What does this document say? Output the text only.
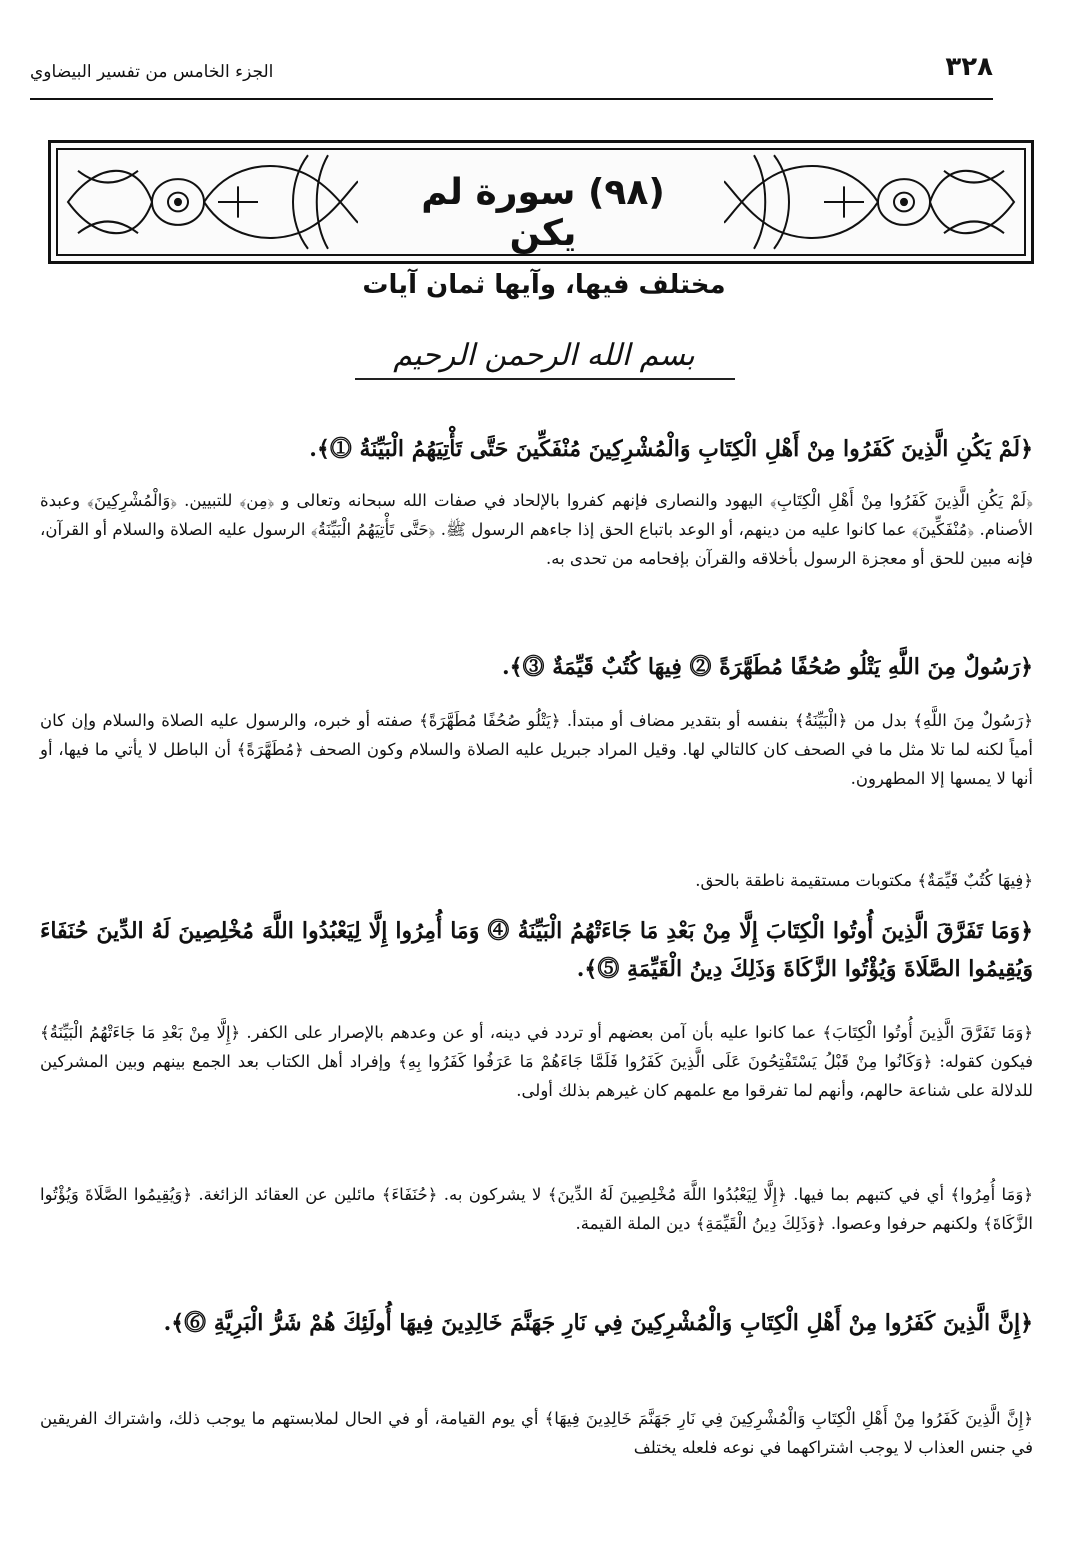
٣٢٨
الجزء الخامس من تفسير البيضاوي
(٩٨) سورة لم يكن
مختلف فيها، وآيها ثمان آيات
بسم الله الرحمن الرحيم
﴿لَمْ يَكُنِ الَّذِينَ كَفَرُوا مِنْ أَهْلِ الْكِتَابِ وَالْمُشْرِكِينَ مُنْفَكِّينَ حَتَّى تَأْتِيَهُمُ الْبَيِّنَةُ ⓵﴾.
﴿لَمْ يَكُنِ الَّذِينَ كَفَرُوا مِنْ أَهْلِ الْكِتَابِ﴾ اليهود والنصارى فإنهم كفروا بالإلحاد في صفات الله سبحانه وتعالى و ﴿مِن﴾ للتبيين. ﴿وَالْمُشْرِكِينَ﴾ وعبدة الأصنام. ﴿مُنْفَكِّينَ﴾ عما كانوا عليه من دينهم، أو الوعد باتباع الحق إذا جاءهم الرسول ﷺ. ﴿حَتَّى تَأْتِيَهُمُ الْبَيِّنَةُ﴾ الرسول عليه الصلاة والسلام أو القرآن، فإنه مبين للحق أو معجزة الرسول بأخلاقه والقرآن بإفحامه من تحدى به.
﴿رَسُولٌ مِنَ اللَّهِ يَتْلُو صُحُفًا مُطَهَّرَةً ⓶ فِيهَا كُتُبٌ قَيِّمَةٌ ⓷﴾.
﴿رَسُولٌ مِنَ اللَّهِ﴾ بدل من ﴿الْبَيِّنَةُ﴾ بنفسه أو بتقدير مضاف أو مبتدأ. ﴿يَتْلُو صُحُفًا مُطَهَّرَةً﴾ صفته أو خبره، والرسول عليه الصلاة والسلام وإن كان أمياً لكنه لما تلا مثل ما في الصحف كان كالتالي لها. وقيل المراد جبريل عليه الصلاة والسلام وكون الصحف ﴿مُطَهَّرَةً﴾ أن الباطل لا يأتي ما فيها، أو أنها لا يمسها إلا المطهرون.
﴿فِيهَا كُتُبٌ قَيِّمَةٌ﴾ مكتوبات مستقيمة ناطقة بالحق.
﴿وَمَا تَفَرَّقَ الَّذِينَ أُوتُوا الْكِتَابَ إِلَّا مِنْ بَعْدِ مَا جَاءَتْهُمُ الْبَيِّنَةُ ⓸ وَمَا أُمِرُوا إِلَّا لِيَعْبُدُوا اللَّهَ مُخْلِصِينَ لَهُ الدِّينَ حُنَفَاءَ وَيُقِيمُوا الصَّلَاةَ وَيُؤْتُوا الزَّكَاةَ وَذَلِكَ دِينُ الْقَيِّمَةِ ⓹﴾.
﴿وَمَا تَفَرَّقَ الَّذِينَ أُوتُوا الْكِتَابَ﴾ عما كانوا عليه بأن آمن بعضهم أو تردد في دينه، أو عن وعدهم بالإصرار على الكفر. ﴿إِلَّا مِنْ بَعْدِ مَا جَاءَتْهُمُ الْبَيِّنَةُ﴾ فيكون كقوله: ﴿وَكَانُوا مِنْ قَبْلُ يَسْتَفْتِحُونَ عَلَى الَّذِينَ كَفَرُوا فَلَمَّا جَاءَهُمْ مَا عَرَفُوا كَفَرُوا بِهِ﴾ وإفراد أهل الكتاب بعد الجمع بينهم وبين المشركين للدلالة على شناعة حالهم، وأنهم لما تفرقوا مع علمهم كان غيرهم بذلك أولى.
﴿وَمَا أُمِرُوا﴾ أي في كتبهم بما فيها. ﴿إِلَّا لِيَعْبُدُوا اللَّهَ مُخْلِصِينَ لَهُ الدِّينَ﴾ لا يشركون به. ﴿حُنَفَاءَ﴾ مائلين عن العقائد الزائغة. ﴿وَيُقِيمُوا الصَّلَاةَ وَيُؤْتُوا الزَّكَاةَ﴾ ولكنهم حرفوا وعصوا. ﴿وَذَلِكَ دِينُ الْقَيِّمَةِ﴾ دين الملة القيمة.
﴿إِنَّ الَّذِينَ كَفَرُوا مِنْ أَهْلِ الْكِتَابِ وَالْمُشْرِكِينَ فِي نَارِ جَهَنَّمَ خَالِدِينَ فِيهَا أُولَئِكَ هُمْ شَرُّ الْبَرِيَّةِ ⓺﴾.
﴿إِنَّ الَّذِينَ كَفَرُوا مِنْ أَهْلِ الْكِتَابِ وَالْمُشْرِكِينَ فِي نَارِ جَهَنَّمَ خَالِدِينَ فِيهَا﴾ أي يوم القيامة، أو في الحال لملابستهم ما يوجب ذلك، واشتراك الفريقين في جنس العذاب لا يوجب اشتراكهما في نوعه فلعله يختلف
